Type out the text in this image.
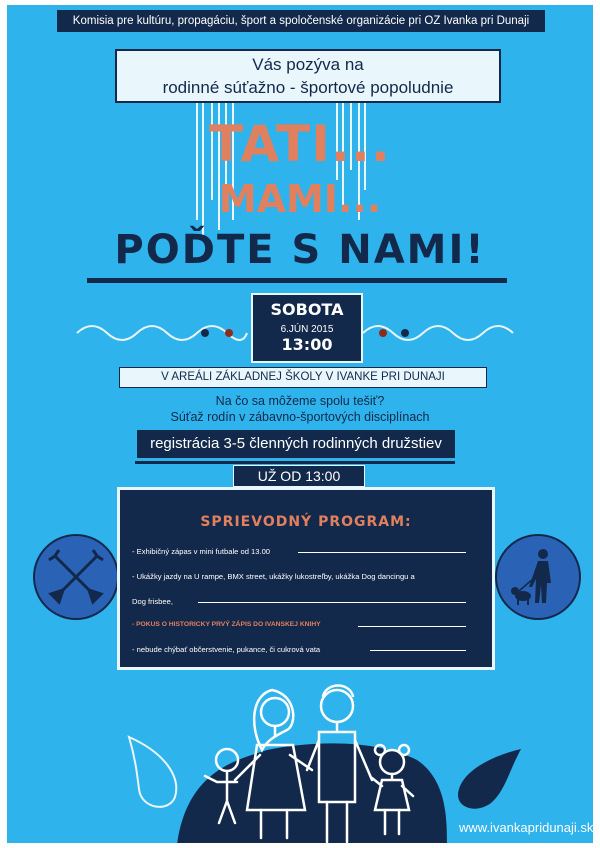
Komisia pre kultúru, propagáciu, šport a spoločenské organizácie pri OZ Ivanka pri Dunaji
Vás pozýva na
rodinné súťažno - športové popoludnie
TATI...
MAMI...
POĎTE S NAMI!
SOBOTA
6.JÚN 2015
13:00
V AREÁLI ZÁKLADNEJ ŠKOLY V IVANKE PRI DUNAJI
Na čo sa môžeme spolu tešiť?
Súťaž rodín v zábavno-športových disciplínach
registrácia 3-5 členných rodinných družstiev
UŽ OD 13:00
SPRIEVODNÝ PROGRAM:
- Exhibičný zápas v mini futbale od 13.00
- Ukážky jazdy na U rampe, BMX street, ukážky lukostreľby, ukážka Dog dancingu a
Dog frisbee,
- POKUS O HISTORICKY PRVÝ ZÁPIS DO IVANSKEJ KNIHY
- nebude chýbať občerstvenie, pukance, či cukrová vata
www.ivankapridunaji.sk
